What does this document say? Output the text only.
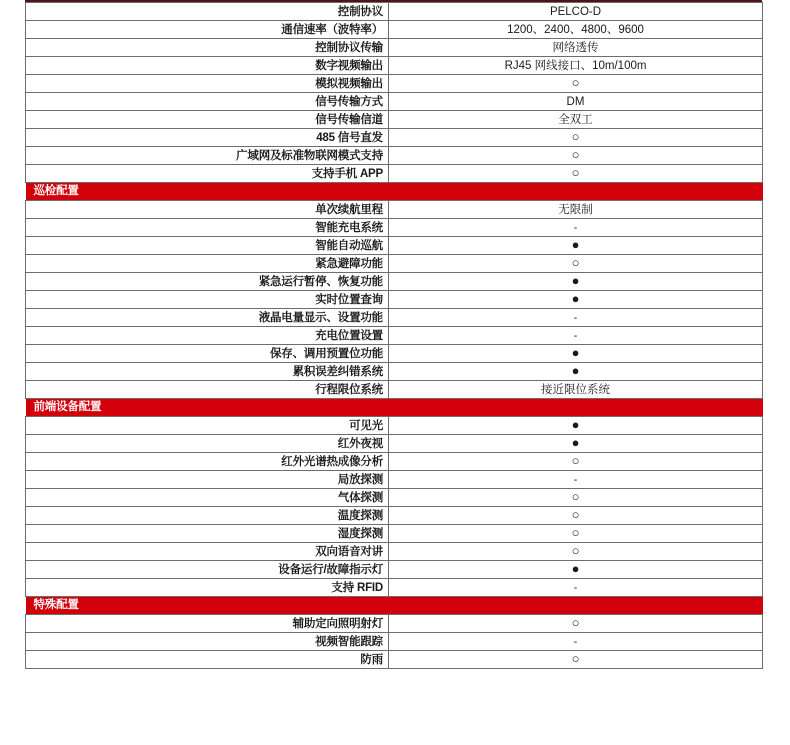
控制协议	PELCO-D
通信速率（波特率）	1200、2400、4800、9600
控制协议传输	网络透传
数字视频输出	RJ45 网线接口、10m/100m
模拟视频输出	○
信号传输方式	DM
信号传输信道	全双工
485 信号直发	○
广域网及标准物联网模式支持	○
支持手机 APP	○
巡检配置	
单次续航里程	无限制
智能充电系统	-
智能自动巡航	●
紧急避障功能	○
紧急运行暂停、恢复功能	●
实时位置查询	●
液晶电量显示、设置功能	-
充电位置设置	-
保存、调用预置位功能	●
累积误差纠错系统	●
行程限位系统	接近限位系统
前端设备配置	
可见光	●
红外夜视	●
红外光谱热成像分析	○
局放探测	-
气体探测	○
温度探测	○
湿度探测	○
双向语音对讲	○
设备运行/故障指示灯	●
支持 RFID	-
特殊配置	
辅助定向照明射灯	○
视频智能跟踪	-
防雨	○
